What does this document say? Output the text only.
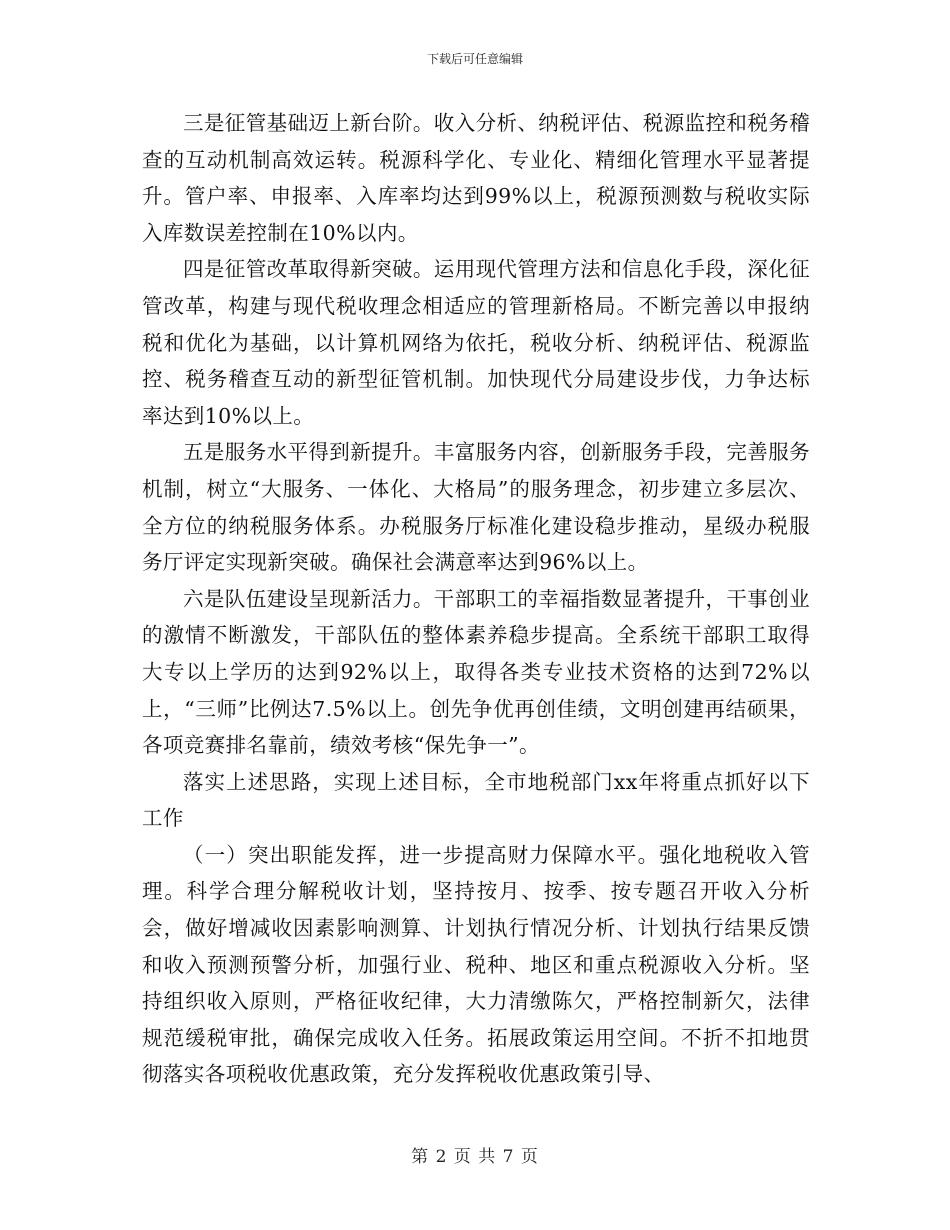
下载后可任意编辑

三是征管基础迈上新台阶。收入分析、纳税评估、税源监控和税务稽查的互动机制高效运转。税源科学化、专业化、精细化管理水平显著提升。管户率、申报率、入库率均达到99%以上，税源预测数与税收实际入库数误差控制在10%以内。

四是征管改革取得新突破。运用现代管理方法和信息化手段，深化征管改革，构建与现代税收理念相适应的管理新格局。不断完善以申报纳税和优化为基础，以计算机网络为依托，税收分析、纳税评估、税源监控、税务稽查互动的新型征管机制。加快现代分局建设步伐，力争达标率达到10%以上。

五是服务水平得到新提升。丰富服务内容，创新服务手段，完善服务机制，树立“大服务、一体化、大格局”的服务理念，初步建立多层次、全方位的纳税服务体系。办税服务厅标准化建设稳步推动，星级办税服务厅评定实现新突破。确保社会满意率达到96%以上。

六是队伍建设呈现新活力。干部职工的幸福指数显著提升，干事创业的激情不断激发，干部队伍的整体素养稳步提高。全系统干部职工取得大专以上学历的达到92%以上，取得各类专业技术资格的达到72%以上，“三师”比例达7.5%以上。创先争优再创佳绩，文明创建再结硕果，各项竞赛排名靠前，绩效考核“保先争一”。

落实上述思路，实现上述目标，全市地税部门xx年将重点抓好以下工作

（一）突出职能发挥，进一步提高财力保障水平。强化地税收入管理。科学合理分解税收计划，坚持按月、按季、按专题召开收入分析会，做好增减收因素影响测算、计划执行情况分析、计划执行结果反馈和收入预测预警分析，加强行业、税种、地区和重点税源收入分析。坚持组织收入原则，严格征收纪律，大力清缴陈欠，严格控制新欠，法律规范缓税审批，确保完成收入任务。拓展政策运用空间。不折不扣地贯彻落实各项税收优惠政策，充分发挥税收优惠政策引导、

第 2 页 共 7 页
